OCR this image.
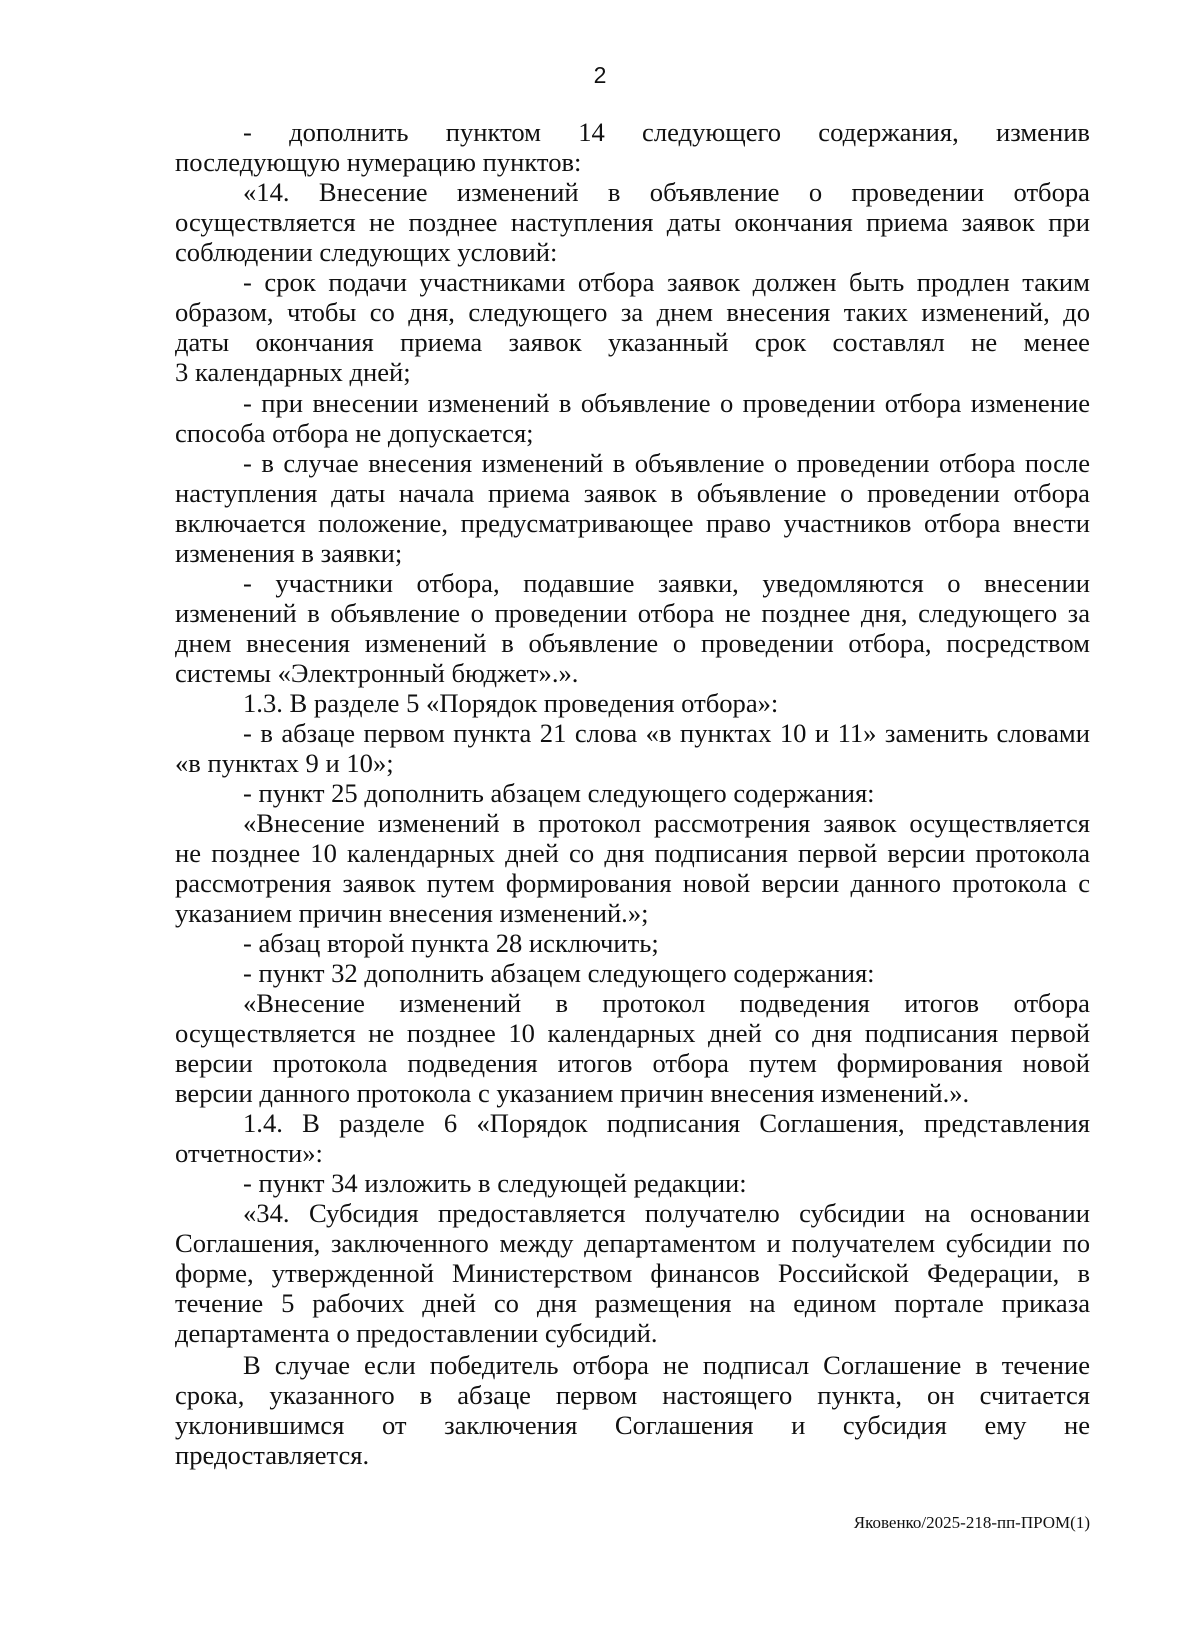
2
- дополнить пунктом 14 следующего содержания, изменив
последующую нумерацию пунктов:
«14. Внесение изменений в объявление о проведении отбора
осуществляется не позднее наступления даты окончания приема заявок при
соблюдении следующих условий:
- срок подачи участниками отбора заявок должен быть продлен таким
образом, чтобы со дня, следующего за днем внесения таких изменений, до
даты окончания приема заявок указанный срок составлял не менее
3 календарных дней;
- при внесении изменений в объявление о проведении отбора изменение
способа отбора не допускается;
- в случае внесения изменений в объявление о проведении отбора после
наступления даты начала приема заявок в объявление о проведении отбора
включается положение, предусматривающее право участников отбора внести
изменения в заявки;
- участники отбора, подавшие заявки, уведомляются о внесении
изменений в объявление о проведении отбора не позднее дня, следующего за
днем внесения изменений в объявление о проведении отбора, посредством
системы «Электронный бюджет».».
1.3. В разделе 5 «Порядок проведения отбора»:
- в абзаце первом пункта 21 слова «в пунктах 10 и 11» заменить словами
«в пунктах 9 и 10»;
- пункт 25 дополнить абзацем следующего содержания:
«Внесение изменений в протокол рассмотрения заявок осуществляется
не позднее 10 календарных дней со дня подписания первой версии протокола
рассмотрения заявок путем формирования новой версии данного протокола с
указанием причин внесения изменений.»;
- абзац второй пункта 28 исключить;
- пункт 32 дополнить абзацем следующего содержания:
«Внесение изменений в протокол подведения итогов отбора
осуществляется не позднее 10 календарных дней со дня подписания первой
версии протокола подведения итогов отбора путем формирования новой
версии данного протокола с указанием причин внесения изменений.».
1.4. В разделе 6 «Порядок подписания Соглашения, представления
отчетности»:
- пункт 34 изложить в следующей редакции:
«34. Субсидия предоставляется получателю субсидии на основании
Соглашения, заключенного между департаментом и получателем субсидии по
форме, утвержденной Министерством финансов Российской Федерации, в
течение 5 рабочих дней со дня размещения на едином портале приказа
департамента о предоставлении субсидий.
В случае если победитель отбора не подписал Соглашение в течение
срока, указанного в абзаце первом настоящего пункта, он считается
уклонившимся от заключения Соглашения и субсидия ему не
предоставляется.
Яковенко/2025-218-пп-ПРОМ(1)
